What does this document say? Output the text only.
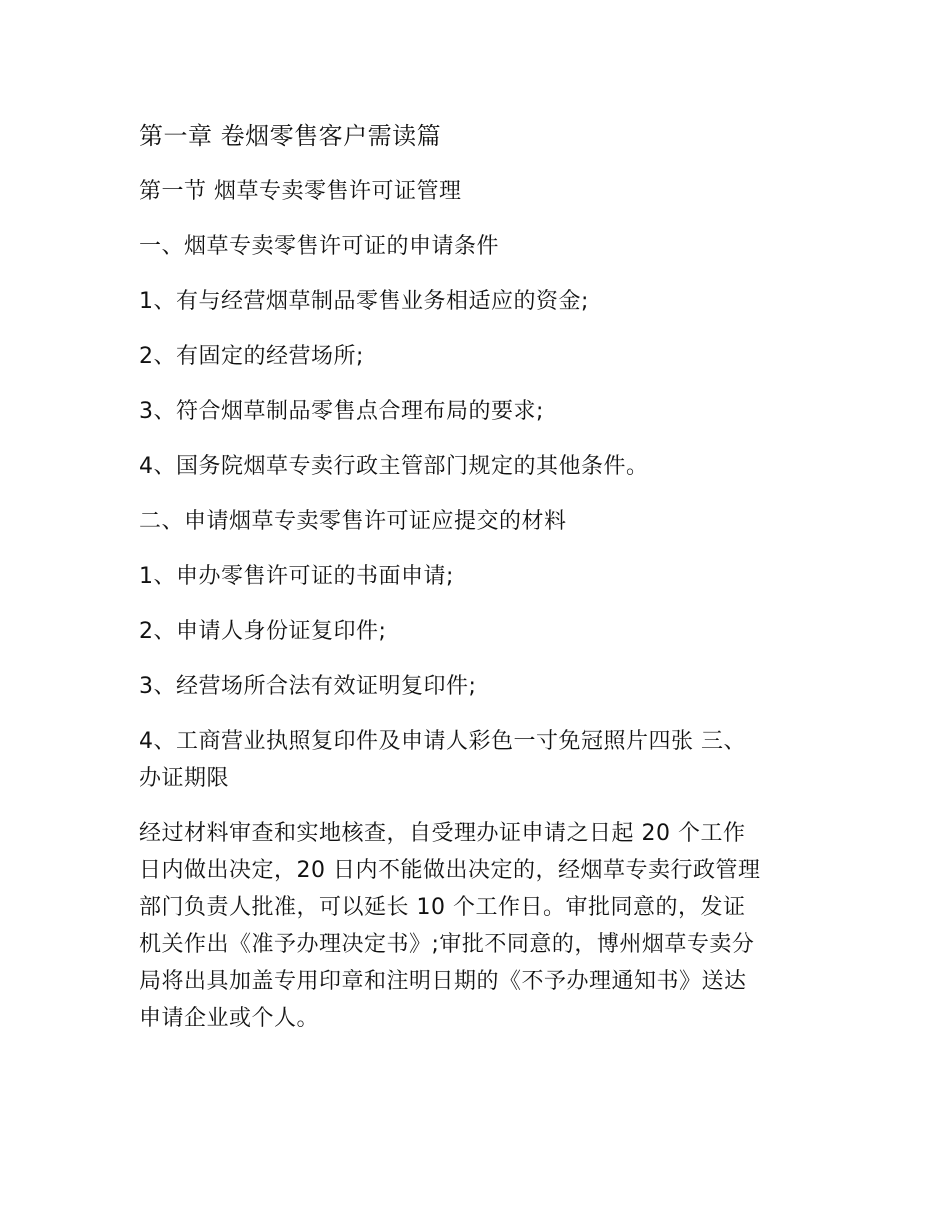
第一章 卷烟零售客户需读篇
第一节 烟草专卖零售许可证管理
一、烟草专卖零售许可证的申请条件
1、有与经营烟草制品零售业务相适应的资金;
2、有固定的经营场所;
3、符合烟草制品零售点合理布局的要求;
4、国务院烟草专卖行政主管部门规定的其他条件。
二、申请烟草专卖零售许可证应提交的材料
1、申办零售许可证的书面申请;
2、申请人身份证复印件;
3、经营场所合法有效证明复印件;
4、工商营业执照复印件及申请人彩色一寸免冠照片四张 三、
办证期限
经过材料审查和实地核查，自受理办证申请之日起 20 个工作
日内做出决定，20 日内不能做出决定的，经烟草专卖行政管理
部门负责人批准，可以延长 10 个工作日。审批同意的，发证
机关作出《准予办理决定书》;审批不同意的，博州烟草专卖分
局将出具加盖专用印章和注明日期的《不予办理通知书》送达
申请企业或个人。
